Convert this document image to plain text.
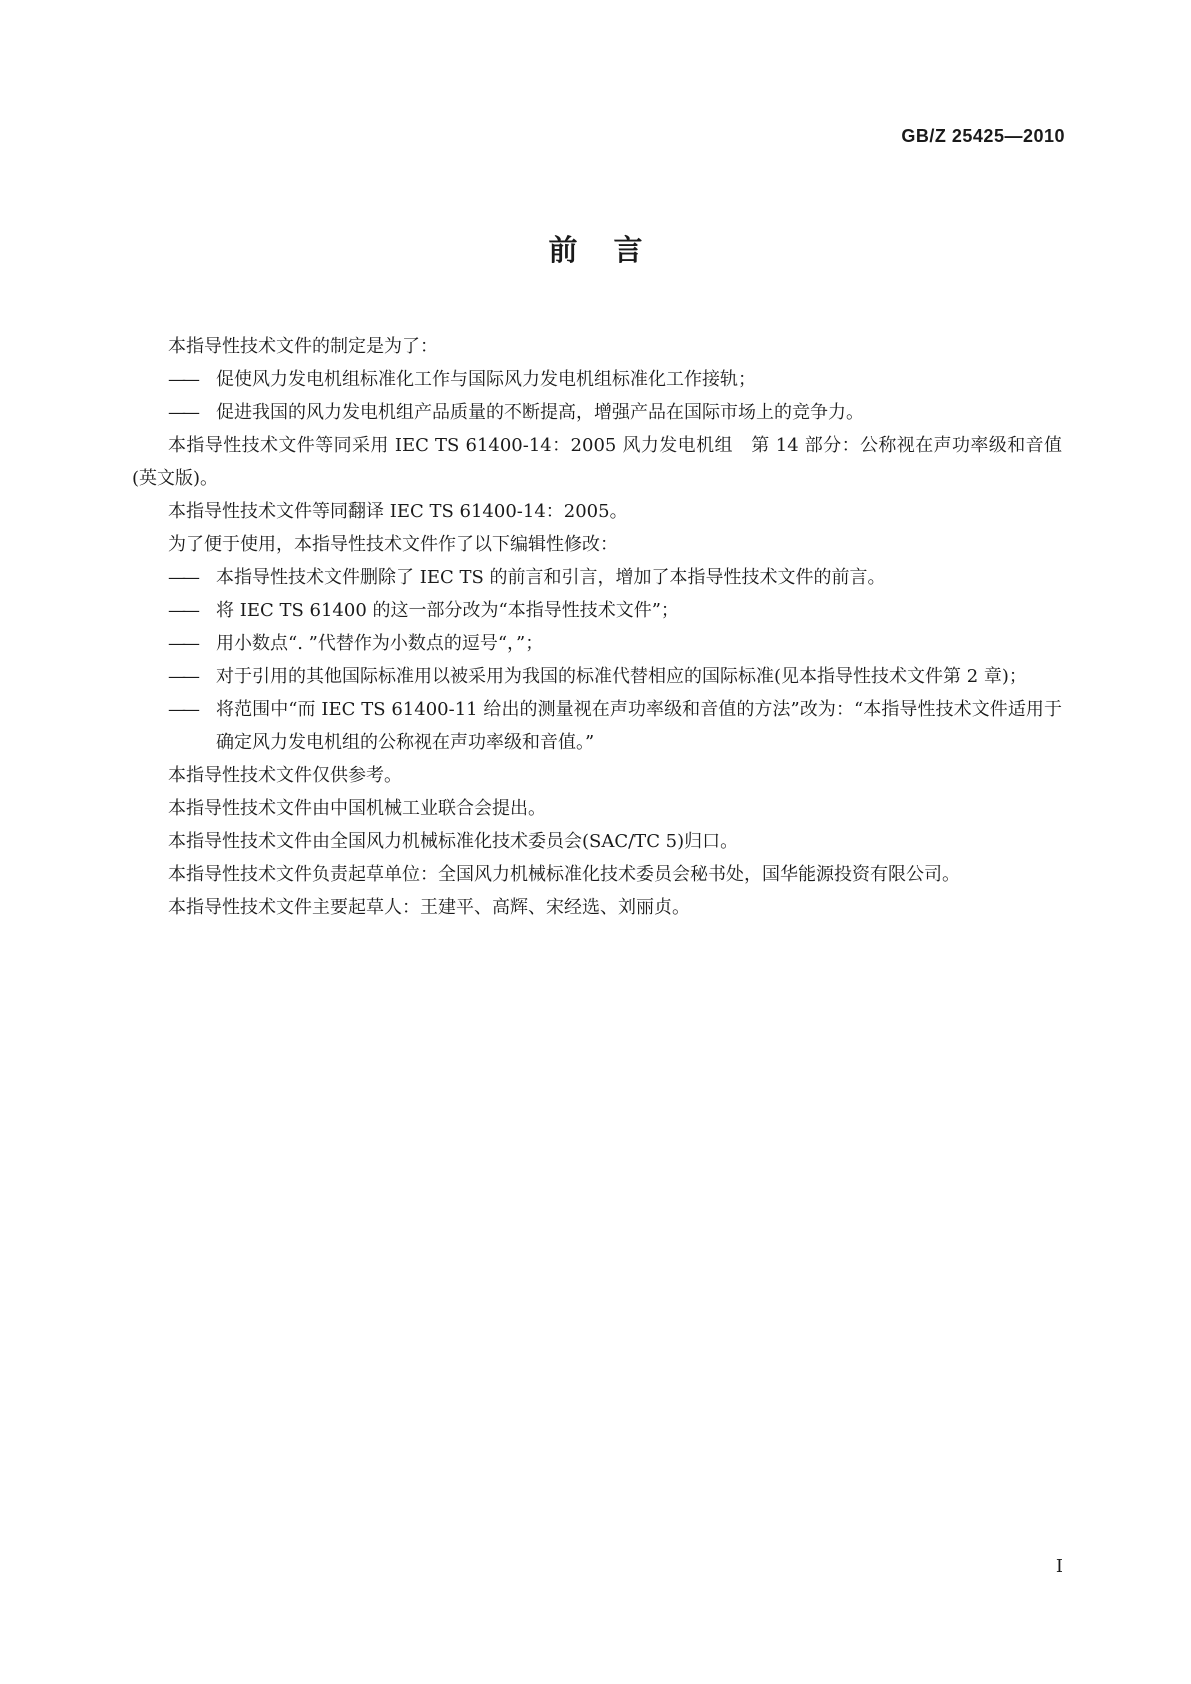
GB/Z 25425—2010
前言

本指导性技术文件的制定是为了：

——	促使风力发电机组标准化工作与国际风力发电机组标准化工作接轨；

——	促进我国的风力发电机组产品质量的不断提高，增强产品在国际市场上的竞争力。

本指导性技术文件等同采用 IEC TS 61400-14：2005 风力发电机组　第 14 部分：公称视在声功率级和音值(英文版)。

本指导性技术文件等同翻译 IEC TS 61400-14：2005。

为了便于使用，本指导性技术文件作了以下编辑性修改：

——	本指导性技术文件删除了 IEC TS 的前言和引言，增加了本指导性技术文件的前言。

——	将 IEC TS 61400 的这一部分改为“本指导性技术文件”；

——	用小数点“. ”代替作为小数点的逗号“，”；

——	对于引用的其他国际标准用以被采用为我国的标准代替相应的国际标准(见本指导性技术文件第 2 章)；

——	将范围中“而 IEC TS 61400-11 给出的测量视在声功率级和音值的方法”改为：“本指导性技术文件适用于确定风力发电机组的公称视在声功率级和音值。”

本指导性技术文件仅供参考。

本指导性技术文件由中国机械工业联合会提出。

本指导性技术文件由全国风力机械标准化技术委员会(SAC/TC 5)归口。

本指导性技术文件负责起草单位：全国风力机械标准化技术委员会秘书处，国华能源投资有限公司。

本指导性技术文件主要起草人：王建平、高辉、宋经选、刘丽贞。

I
